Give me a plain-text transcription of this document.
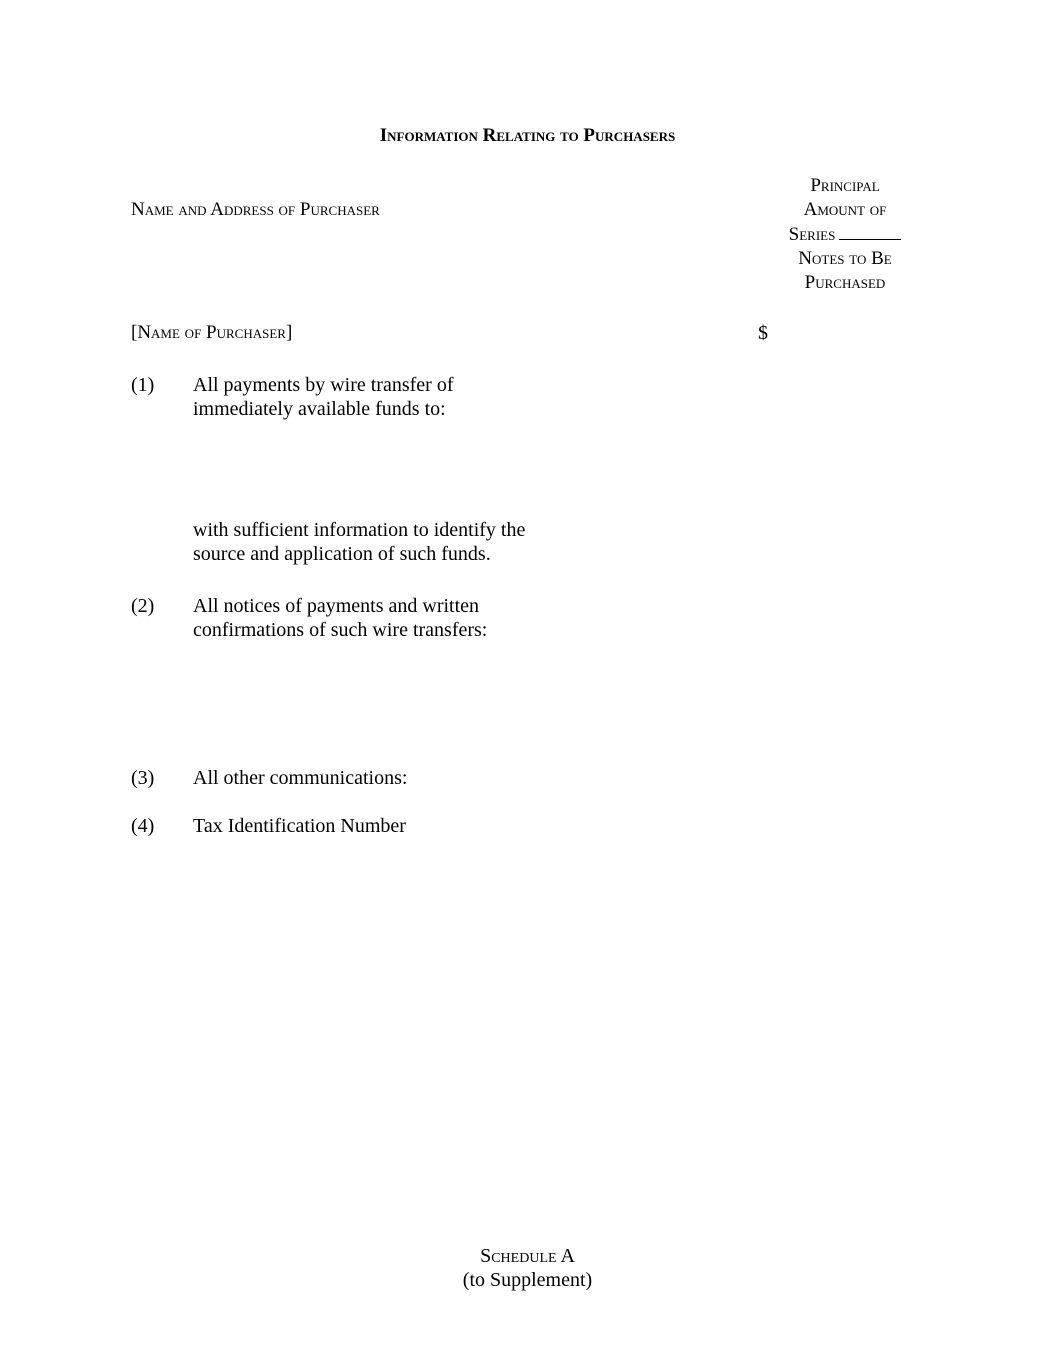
Information Relating to Purchasers
Name and Address of Purchaser
Principal
Amount of
Series
Notes to Be
Purchased
[Name of Purchaser]	$
(1) All payments by wire transfer of
immediately available funds to:
with sufficient information to identify the
source and application of such funds.
(2) All notices of payments and written
confirmations of such wire transfers:
(3) All other communications:
(4) Tax Identification Number
Schedule A
(to Supplement)
